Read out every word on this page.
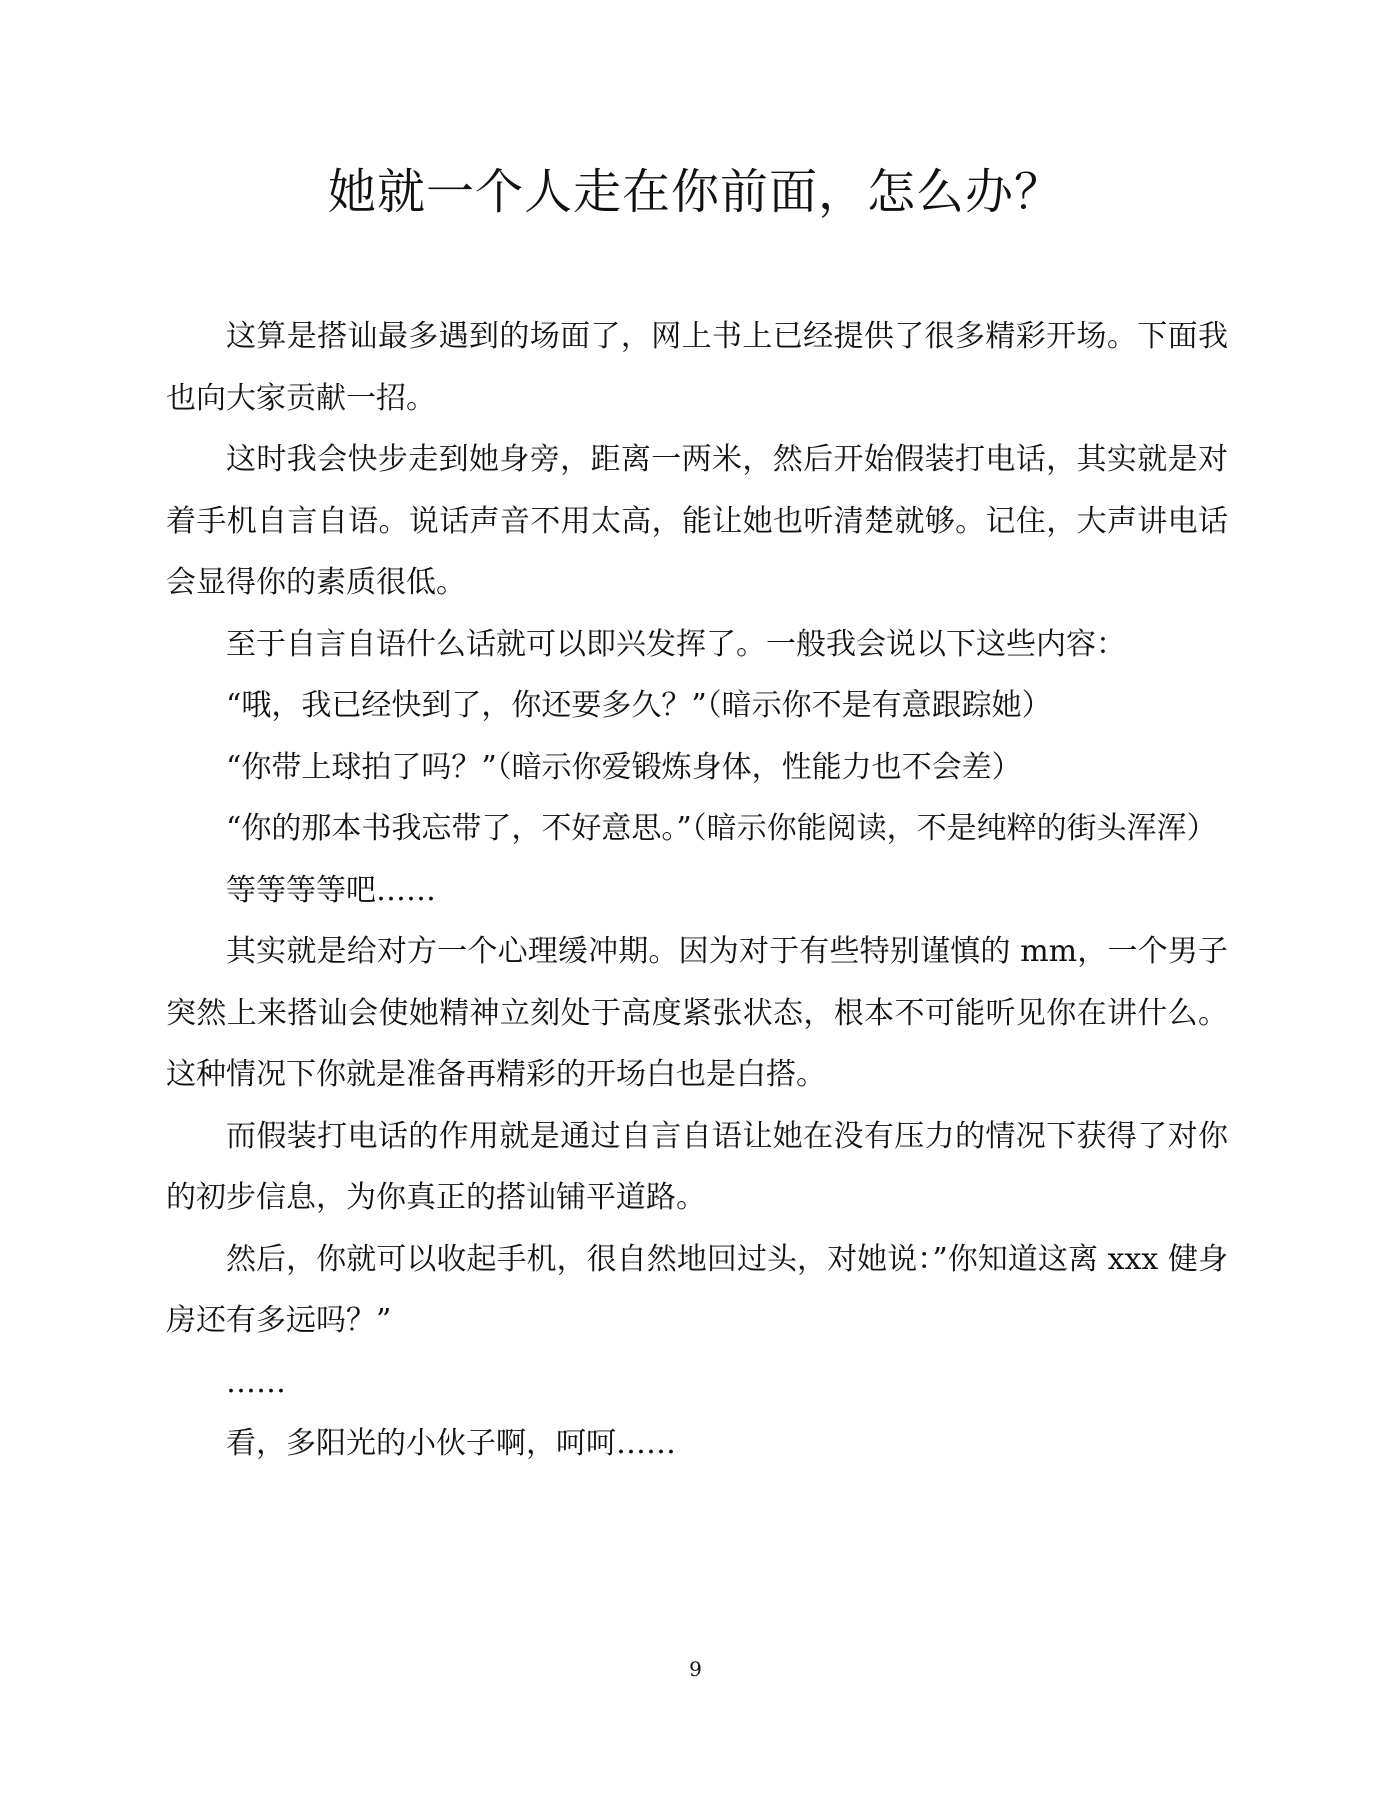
她就一个人走在你前面，怎么办？

这算是搭讪最多遇到的场面了，网上书上已经提供了很多精彩开场。下面我也向大家贡献一招。

这时我会快步走到她身旁，距离一两米，然后开始假装打电话，其实就是对着手机自言自语。说话声音不用太高，能让她也听清楚就够。记住，大声讲电话会显得你的素质很低。

至于自言自语什么话就可以即兴发挥了。一般我会说以下这些内容：

“哦，我已经快到了，你还要多久？”（暗示你不是有意跟踪她）

“你带上球拍了吗？”（暗示你爱锻炼身体，性能力也不会差）

“你的那本书我忘带了，不好意思。”（暗示你能阅读，不是纯粹的街头浑浑）

等等等等吧……

其实就是给对方一个心理缓冲期。因为对于有些特别谨慎的 mm，一个男子突然上来搭讪会使她精神立刻处于高度紧张状态，根本不可能听见你在讲什么。这种情况下你就是准备再精彩的开场白也是白搭。

而假装打电话的作用就是通过自言自语让她在没有压力的情况下获得了对你的初步信息，为你真正的搭讪铺平道路。

然后，你就可以收起手机，很自然地回过头，对她说：”你知道这离 xxx 健身房还有多远吗？”

……

看，多阳光的小伙子啊，呵呵……

9
